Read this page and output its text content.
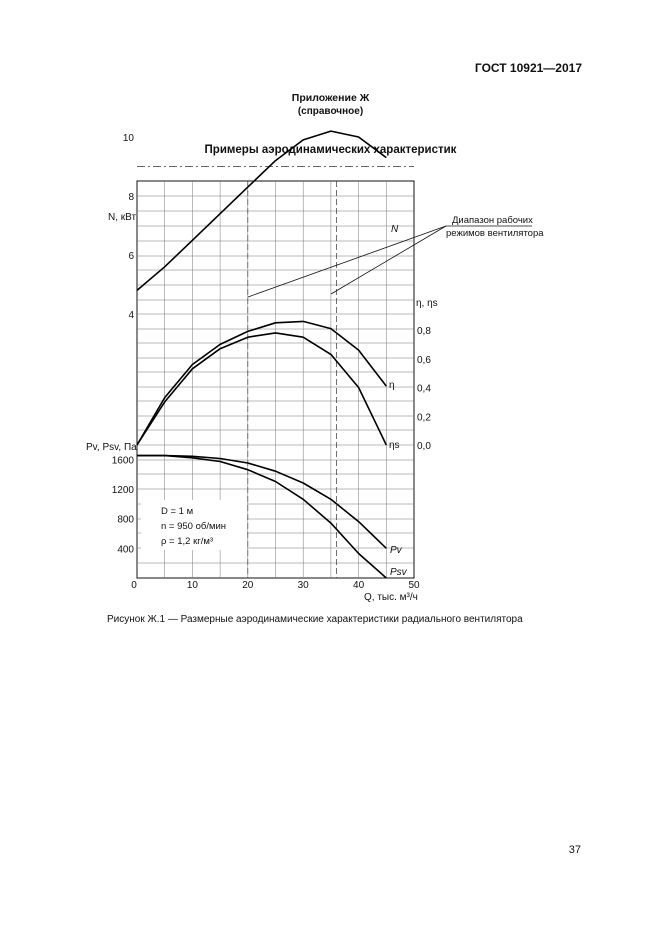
ГОСТ 10921—2017
Приложение Ж
(справочное)
Примеры аэродинамических характеристик
0	10	20	30	40	50
4
6
8
10
0,0
0,2
0,4
0,6
0,8
400
800
1200
1600
N, кВт
η, ηs
Pv, Psv, Па
Q, тыс. м³/ч
N
η
ηs
Pv
Psv
Диапазон рабочих
режимов вентилятора
D = 1 м
n = 950 об/мин
ρ = 1,2 кг/м³
Рисунок Ж.1 — Размерные аэродинамические характеристики радиального вентилятора
37
